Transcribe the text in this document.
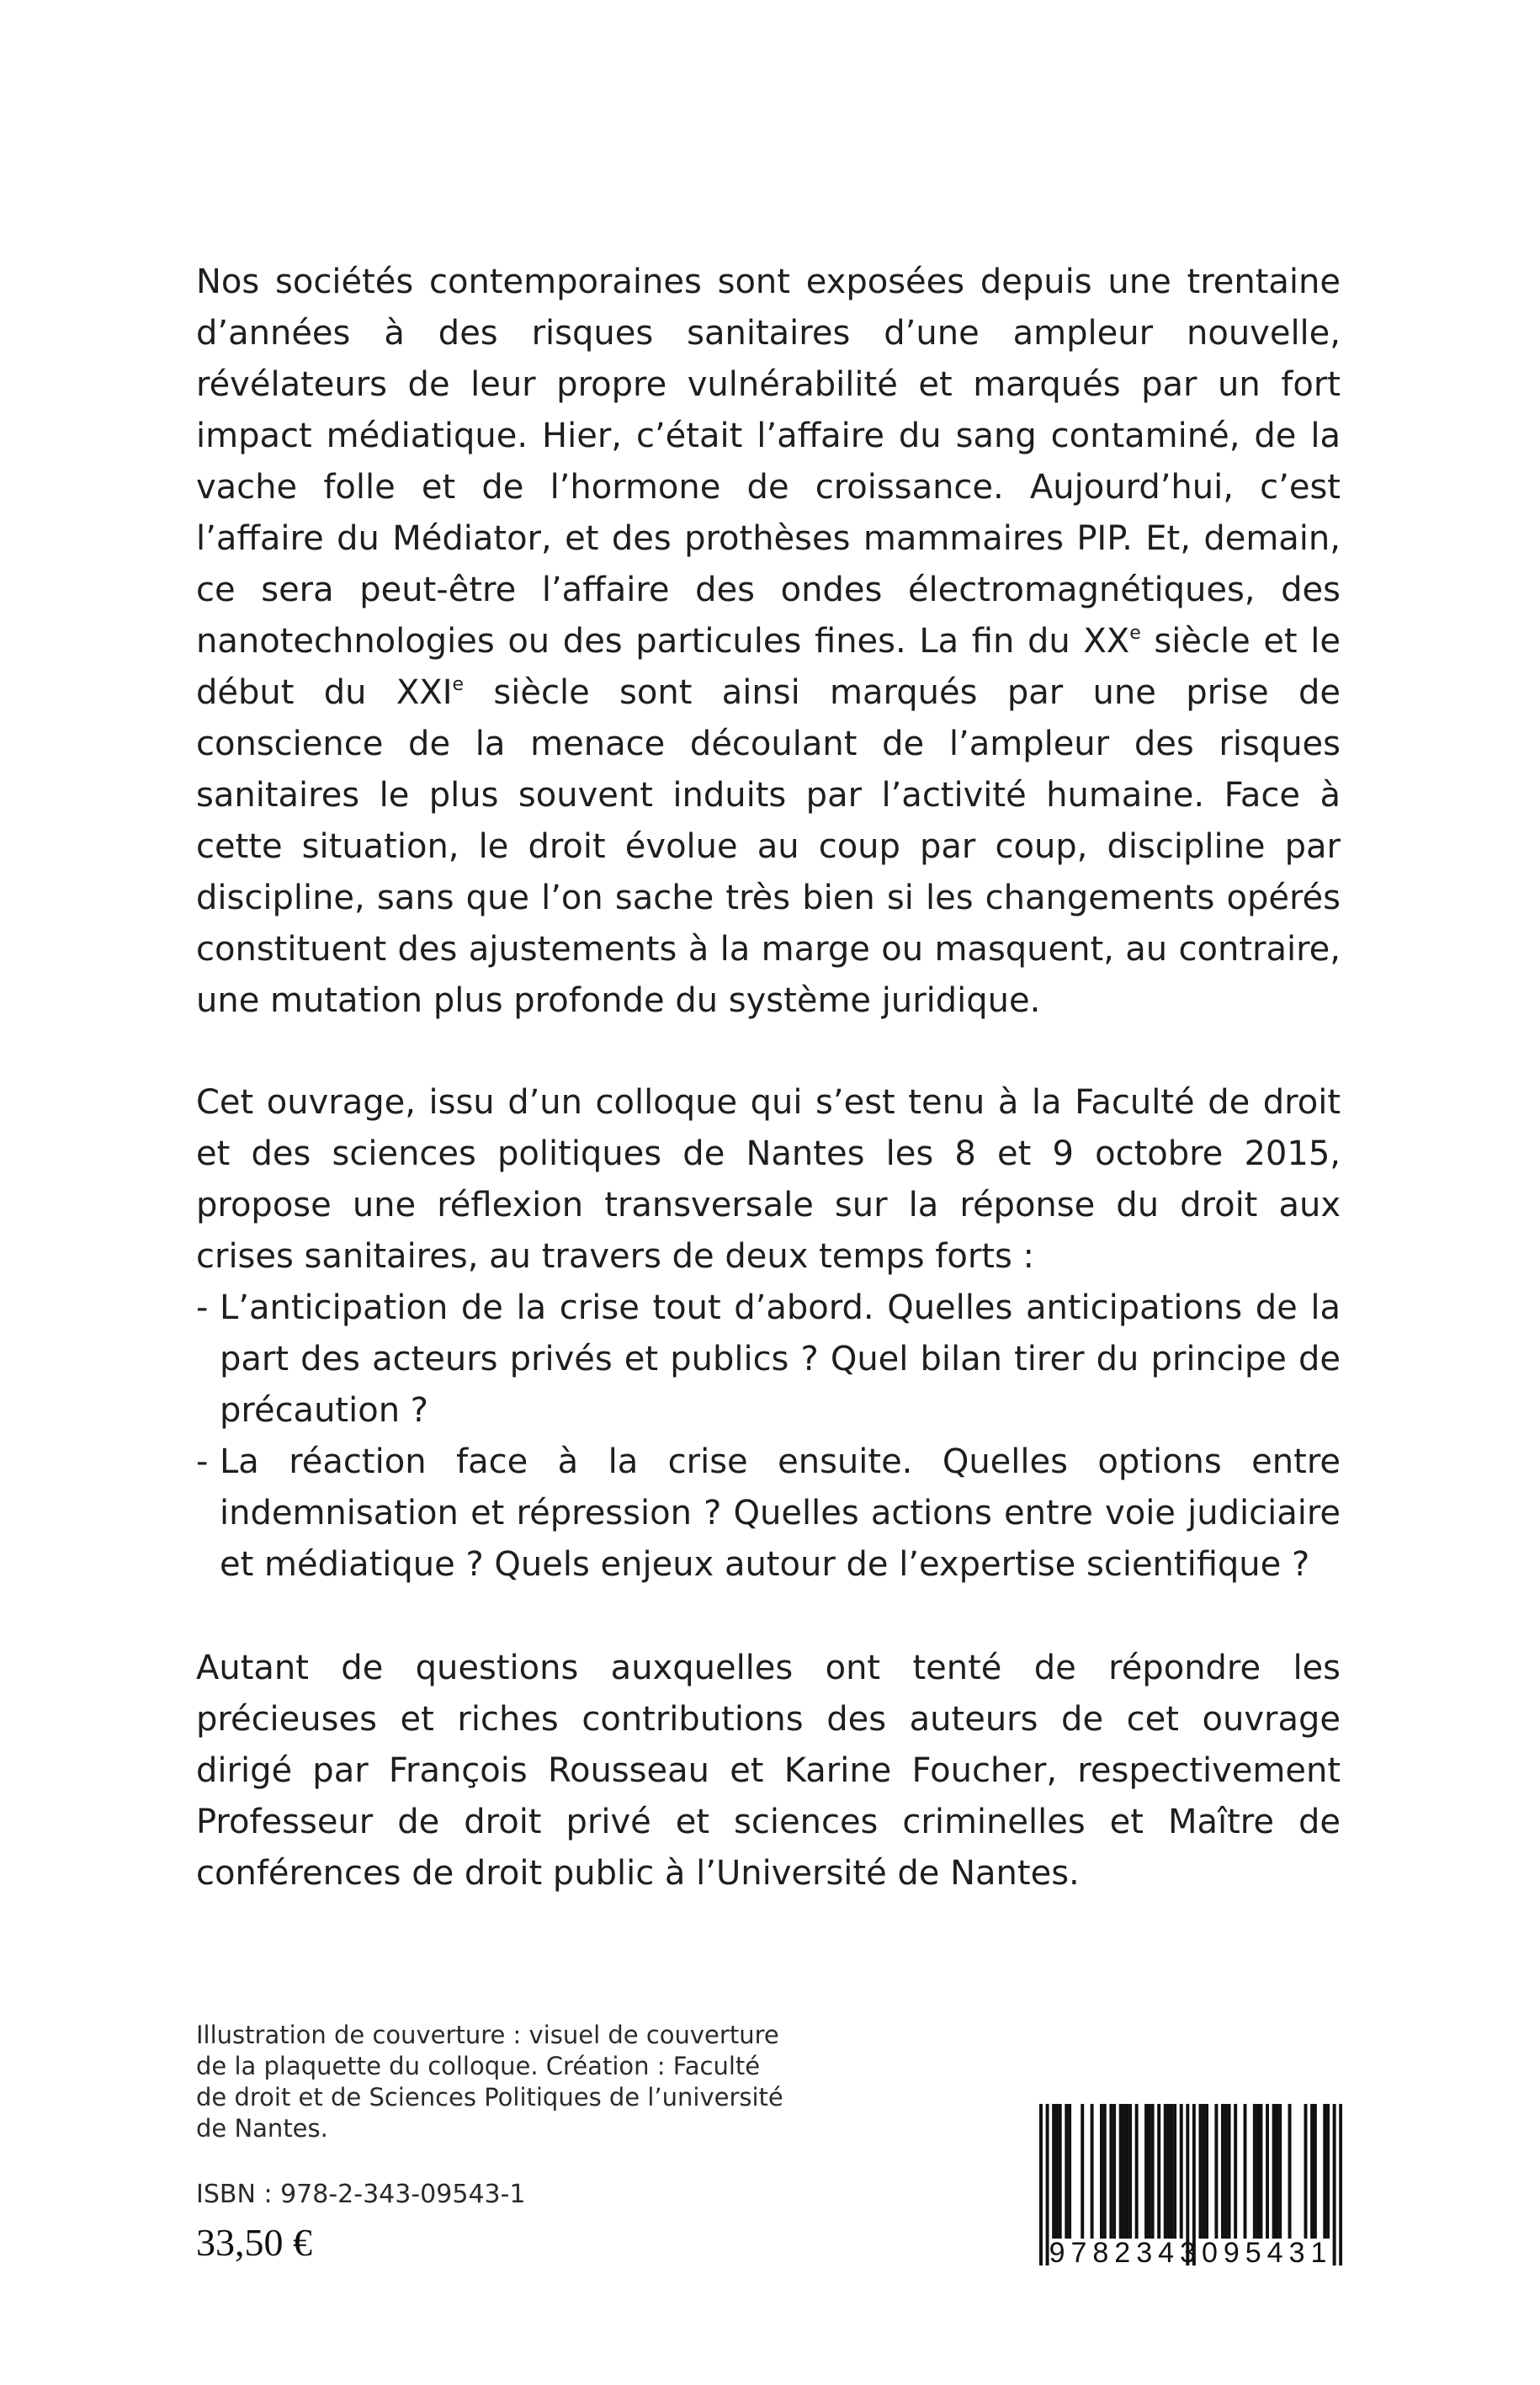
Nos sociétés contemporaines sont exposées depuis une trentaine d’années à des risques sanitaires d’une ampleur nouvelle, révélateurs de leur propre vulnérabilité et marqués par un fort impact médiatique. Hier, c’était l’affaire du sang contaminé, de la vache folle et de l’hormone de croissance. Aujourd’hui, c’est l’affaire du Médiator, et des prothèses mammaires PIP. Et, demain, ce sera peut-être l’affaire des ondes électromagnétiques, des nanotechnologies ou des particules fines. La fin du XXe siècle et le début du XXIe siècle sont ainsi marqués par une prise de conscience de la menace découlant de l’ampleur des risques sanitaires le plus souvent induits par l’activité humaine. Face à cette situation, le droit évolue au coup par coup, discipline par discipline, sans que l’on sache très bien si les changements opérés constituent des ajustements à la marge ou masquent, au contraire, une mutation plus profonde du système juridique.

Cet ouvrage, issu d’un colloque qui s’est tenu à la Faculté de droit et des sciences politiques de Nantes les 8 et 9 octobre 2015, propose une réflexion transversale sur la réponse du droit aux crises sanitaires, au travers de deux temps forts :

- L’anticipation de la crise tout d’abord. Quelles anticipations de la part des acteurs privés et publics ? Quel bilan tirer du principe de précaution ?
- La réaction face à la crise ensuite. Quelles options entre indemnisation et répression ? Quelles actions entre voie judiciaire et médiatique ? Quels enjeux autour de l’expertise scientifique ?

Autant de questions auxquelles ont tenté de répondre les précieuses et riches contributions des auteurs de cet ouvrage dirigé par François Rousseau et Karine Foucher, respectivement Professeur de droit privé et sciences criminelles et Maître de conférences de droit public à l’Université de Nantes.

Illustration de couverture : visuel de couverture de la plaquette du colloque. Création : Faculté de droit et de Sciences Politiques de l’université de Nantes.
ISBN : 978-2-343-09543-1
33,50 €	9782343095431
